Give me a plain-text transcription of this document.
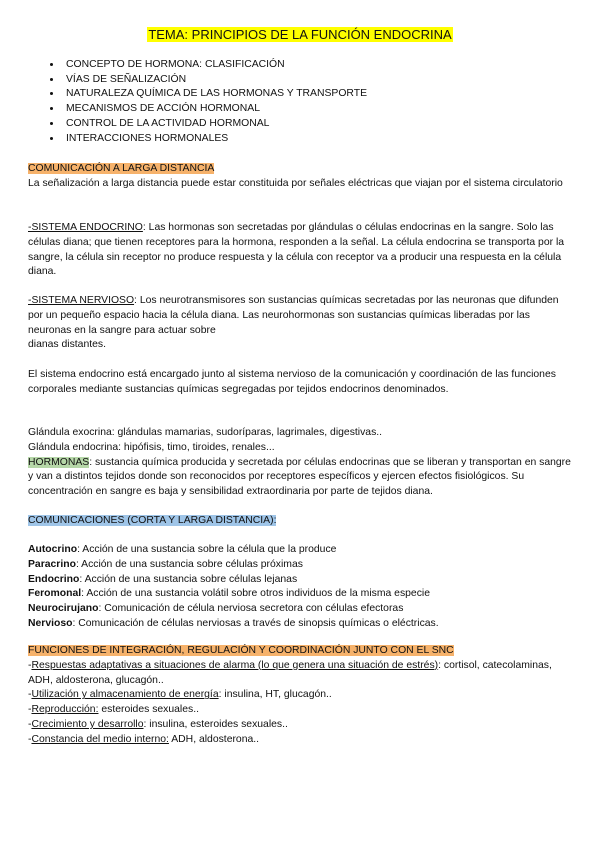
TEMA: PRINCIPIOS DE LA FUNCIÓN ENDOCRINA
• CONCEPTO DE HORMONA: CLASIFICACIÓN
• VÍAS DE SEÑALIZACIÓN
• NATURALEZA QUÍMICA DE LAS HORMONAS Y TRANSPORTE
• MECANISMOS DE ACCIÓN HORMONAL
• CONTROL DE LA ACTIVIDAD HORMONAL
• INTERACCIONES HORMONALES

COMUNICACIÓN A LARGA DISTANCIA

La señalización a larga distancia puede estar constituida por señales eléctricas que viajan por el sistema circulatorio

-SISTEMA ENDOCRINO: Las hormonas son secretadas por glándulas o células endocrinas en la sangre. Solo las células diana; que tienen receptores para la hormona, responden a la señal. La célula endocrina se transporta por la sangre, la célula sin receptor no produce respuesta y la célula con receptor va a producir una respuesta en la célula diana.

-SISTEMA NERVIOSO: Los neurotransmisores son sustancias químicas secretadas por las neuronas que difunden por un pequeño espacio hacia la célula diana. Las neurohormonas son sustancias químicas liberadas por las neuronas en la sangre para actuar sobre

dianas distantes.

El sistema endocrino está encargado junto al sistema nervioso de la comunicación y coordinación de las funciones corporales mediante sustancias químicas segregadas por tejidos endocrinos denominados.

Glándula exocrina: glándulas mamarias, sudoríparas, lagrimales, digestivas..

Glándula endocrina: hipófisis, timo, tiroides, renales...

HORMONAS: sustancia química producida y secretada por células endocrinas que se liberan y transportan en sangre y van a distintos tejidos donde son reconocidos por receptores específicos y ejercen efectos fisiológicos. Su concentración en sangre es baja y sensibilidad extraordinaria por parte de tejidos diana.

COMUNICACIONES (CORTA Y LARGA DISTANCIA):

Autocrino: Acción de una sustancia sobre la célula que la produce

Paracrino: Acción de una sustancia sobre células próximas

Endocrino: Acción de una sustancia sobre células lejanas

Feromonal: Acción de una sustancia volátil sobre otros individuos de la misma especie

Neurocirujano: Comunicación de célula nerviosa secretora con células efectoras

Nervioso: Comunicación de células nerviosas a través de sinopsis químicas o eléctricas.

FUNCIONES DE INTEGRACIÓN, REGULACIÓN Y COORDINACIÓN JUNTO CON EL SNC

-Respuestas adaptativas a situaciones de alarma (lo que genera una situación de estrés): cortisol, catecolaminas, ADH, aldosterona, glucagón..

-Utilización y almacenamiento de energía: insulina, HT, glucagón..

-Reproducción: esteroides sexuales..

-Crecimiento y desarrollo: insulina, esteroides sexuales..

-Constancia del medio interno: ADH, aldosterona..
